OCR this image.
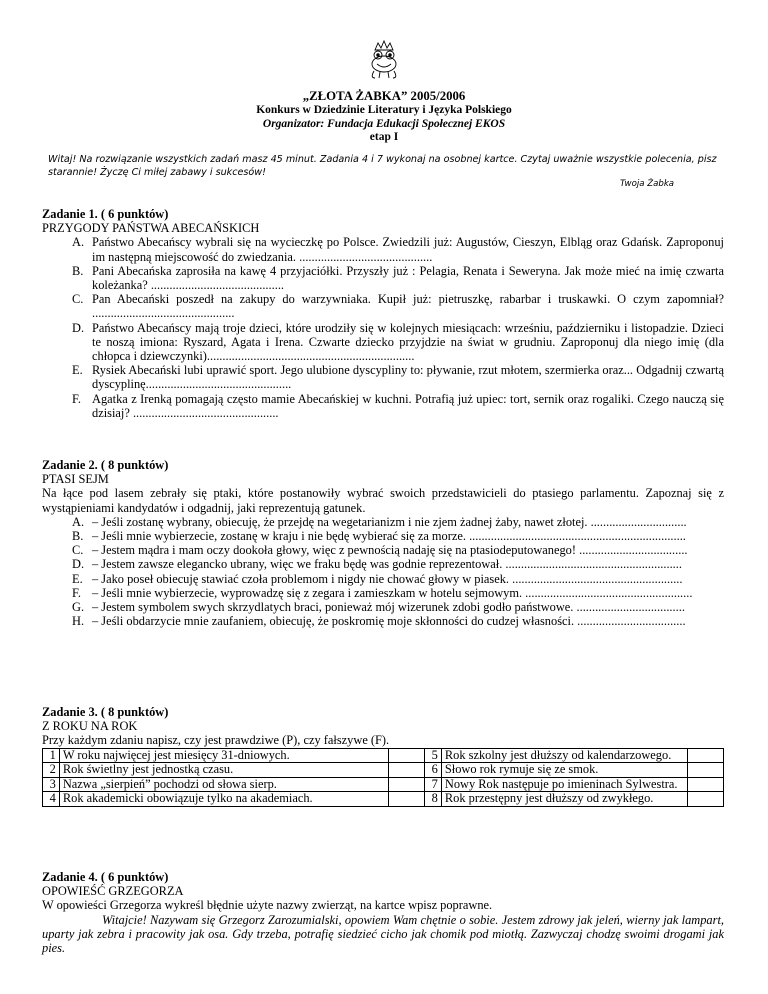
„ZŁOTA ŻABKA” 2005/2006
Konkurs w Dziedzinie Literatury i Języka Polskiego
Organizator: Fundacja Edukacji Społecznej EKOS
etap I
Witaj! Na rozwiązanie wszystkich zadań masz 45 minut. Zadania 4 i 7 wykonaj na osobnej kartce. Czytaj uważnie wszystkie polecenia, pisz starannie! Życzę Ci miłej zabawy i sukcesów!
Twoja Żabka
Zadanie 1. ( 6 punktów)
PRZYGODY PAŃSTWA ABECAŃSKICH
A. Państwo Abecańscy wybrali się na wycieczkę po Polsce. Zwiedzili już: Augustów, Cieszyn, Elbląg oraz Gdańsk. Zaproponuj im następną miejscowość do zwiedzania. ...........................................
B. Pani Abecańska zaprosiła na kawę 4 przyjaciółki. Przyszły już : Pelagia, Renata i Seweryna. Jak może mieć na imię czwarta koleżanka? ...........................................
C. Pan Abecański poszedł na zakupy do warzywniaka. Kupił już: pietruszkę, rabarbar i truskawki. O czym zapomniał? ..............................................
D. Państwo Abecańscy mają troje dzieci, które urodziły się w kolejnych miesiącach: wrześniu, październiku i listopadzie. Dzieci te noszą imiona: Ryszard, Agata i Irena. Czwarte dziecko przyjdzie na świat w grudniu. Zaproponuj dla niego imię (dla chłopca i dziewczynki)...................................................................
E. Rysiek Abecański lubi uprawić sport. Jego ulubione dyscypliny to: pływanie, rzut młotem, szermierka oraz... Odgadnij czwartą dyscyplinę...............................................
F. Agatka z Irenką pomagają często mamie Abecańskiej w kuchni. Potrafią już upiec: tort, sernik oraz rogaliki. Czego nauczą się dzisiaj? ...............................................
Zadanie 2. ( 8 punktów)
PTASI SEJM
Na łące pod lasem zebrały się ptaki, które postanowiły wybrać swoich przedstawicieli do ptasiego parlamentu. Zapoznaj się z wystąpieniami kandydatów i odgadnij, jaki reprezentują gatunek.
A. – Jeśli zostanę wybrany, obiecuję, że przejdę na wegetarianizm i nie zjem żadnej żaby, nawet złotej. ...............................
B. – Jeśli mnie wybierzecie, zostanę w kraju i nie będę wybierać się za morze. ......................................................................
C. – Jestem mądra i mam oczy dookoła głowy, więc z pewnością nadaję się na ptasiodeputowanego! ...................................
D. – Jestem zawsze elegancko ubrany, więc we fraku będę was godnie reprezentował. .........................................................
E. – Jako poseł obiecuję stawiać czoła problemom i nigdy nie chować głowy w piasek. .......................................................
F. – Jeśli mnie wybierzecie, wyprowadzę się z zegara i zamieszkam w hotelu sejmowym. ......................................................
G. – Jestem symbolem swych skrzydlatych braci, ponieważ mój wizerunek zdobi godło państwowe. ...................................
H. – Jeśli obdarzycie mnie zaufaniem, obiecuję, że poskromię moje skłonności do cudzej własności. ...................................
Zadanie 3. ( 8 punktów)
Z ROKU NA ROK
Przy każdym zdaniu napisz, czy jest prawdziwe (P), czy fałszywe (F).
1	W roku najwięcej jest miesięcy 31-dniowych.		5	Rok szkolny jest dłuższy od kalendarzowego.	
2	Rok świetlny jest jednostką czasu.		6	Słowo rok rymuje się ze smok.	
3	Nazwa „sierpień” pochodzi od słowa sierp.		7	Nowy Rok następuje po imieninach Sylwestra.	
4	Rok akademicki obowiązuje tylko na akademiach.		8	Rok przestępny jest dłuższy od zwykłego.	
Zadanie 4. ( 6 punktów)
OPOWIEŚĆ GRZEGORZA
W opowieści Grzegorza wykreśl błędnie użyte nazwy zwierząt, na kartce wpisz poprawne.
Witajcie! Nazywam się Grzegorz Zarozumialski, opowiem Wam chętnie o sobie. Jestem zdrowy jak jeleń, wierny jak lampart, uparty jak zebra i pracowity jak osa. Gdy trzeba, potrafię siedzieć cicho jak chomik pod miotłą. Zazwyczaj chodzę swoimi drogami jak pies.
